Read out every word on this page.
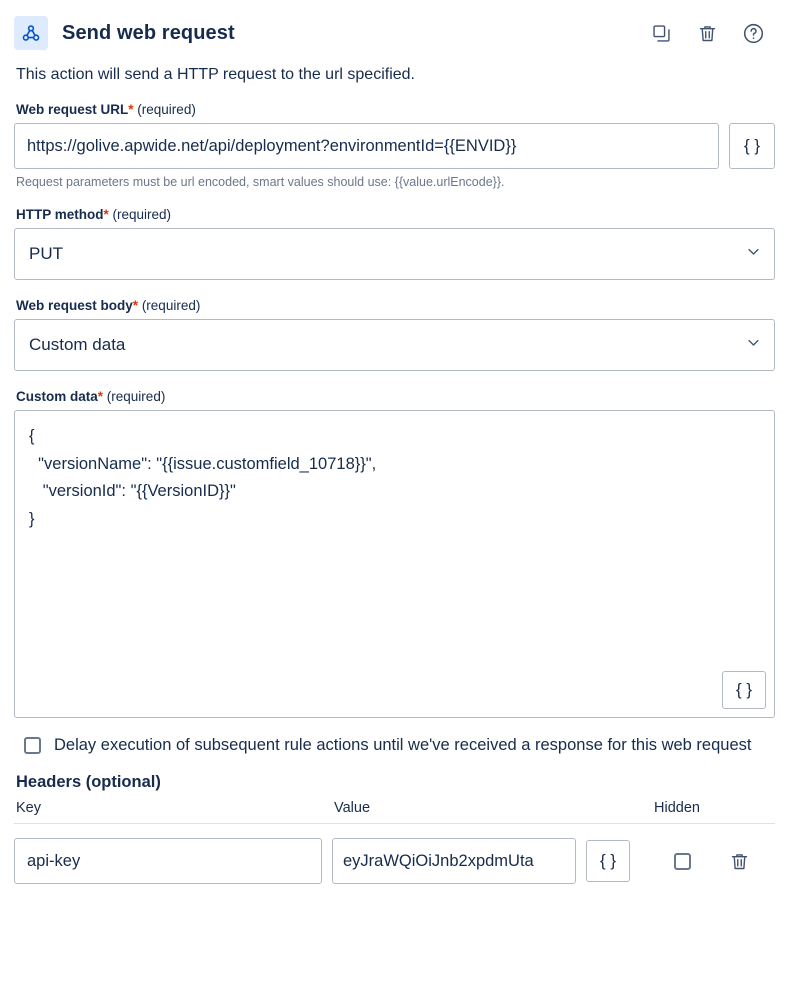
Send web request
This action will send a HTTP request to the url specified.
Web request URL* (required)
https://golive.apwide.net/api/deployment?environmentId={{ENVID}}
{ }
Request parameters must be url encoded, smart values should use: {{value.urlEncode}}.
HTTP method* (required)
PUT
Web request body* (required)
Custom data
Custom data* (required)
{ "versionName": "{{issue.customfield_10718}}", "versionId": "{{VersionID}}" }
{ }
Delay execution of subsequent rule actions until we've received a response for this web request
Headers (optional)
Key	Value	Hidden
api-key
eyJraWQiOiJnb2xpdmUta
{ }
